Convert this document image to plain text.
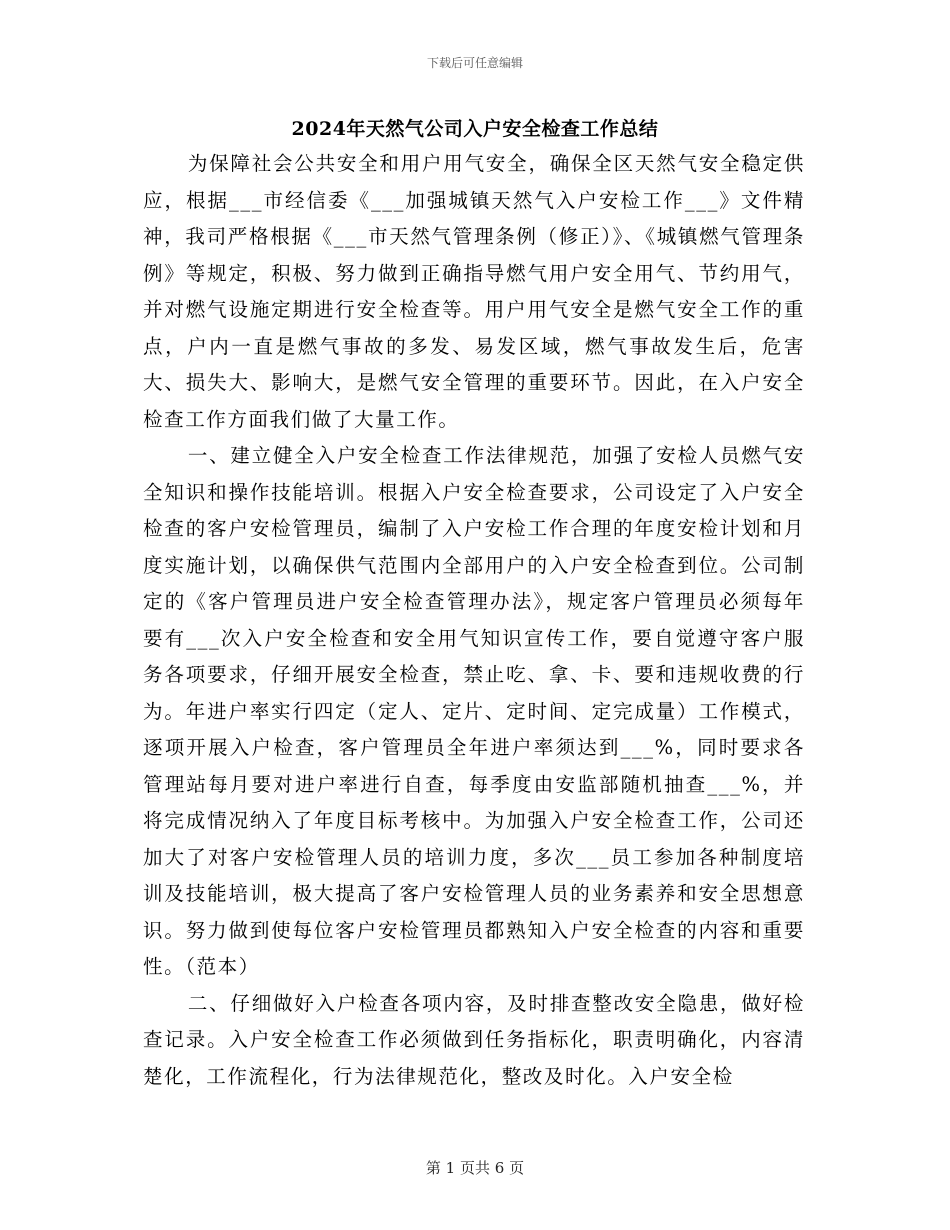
下载后可任意编辑
2024年天然气公司入户安全检查工作总结

为保障社会公共安全和用户用气安全，确保全区天然气安全稳定供应，根据___市经信委《___加强城镇天然气入户安检工作___》文件精神，我司严格根据《___市天然气管理条例（修正）》、《城镇燃气管理条例》等规定，积极、努力做到正确指导燃气用户安全用气、节约用气，并对燃气设施定期进行安全检查等。用户用气安全是燃气安全工作的重点，户内一直是燃气事故的多发、易发区域，燃气事故发生后，危害大、损失大、影响大，是燃气安全管理的重要环节。因此，在入户安全检查工作方面我们做了大量工作。

一、建立健全入户安全检查工作法律规范，加强了安检人员燃气安全知识和操作技能培训。根据入户安全检查要求，公司设定了入户安全检查的客户安检管理员，编制了入户安检工作合理的年度安检计划和月度实施计划，以确保供气范围内全部用户的入户安全检查到位。公司制定的《客户管理员进户安全检查管理办法》，规定客户管理员必须每年要有___次入户安全检查和安全用气知识宣传工作，要自觉遵守客户服务各项要求，仔细开展安全检查，禁止吃、拿、卡、要和违规收费的行为。年进户率实行四定（定人、定片、定时间、定完成量）工作模式，逐项开展入户检查，客户管理员全年进户率须达到___%，同时要求各管理站每月要对进户率进行自查，每季度由安监部随机抽查___%，并将完成情况纳入了年度目标考核中。为加强入户安全检查工作，公司还加大了对客户安检管理人员的培训力度，多次___员工参加各种制度培训及技能培训，极大提高了客户安检管理人员的业务素养和安全思想意识。努力做到使每位客户安检管理员都熟知入户安全检查的内容和重要性。（范本）

二、仔细做好入户检查各项内容，及时排查整改安全隐患，做好检查记录。入户安全检查工作必须做到任务指标化，职责明确化，内容清楚化，工作流程化，行为法律规范化，整改及时化。入户安全检

第 1 页共 6 页
